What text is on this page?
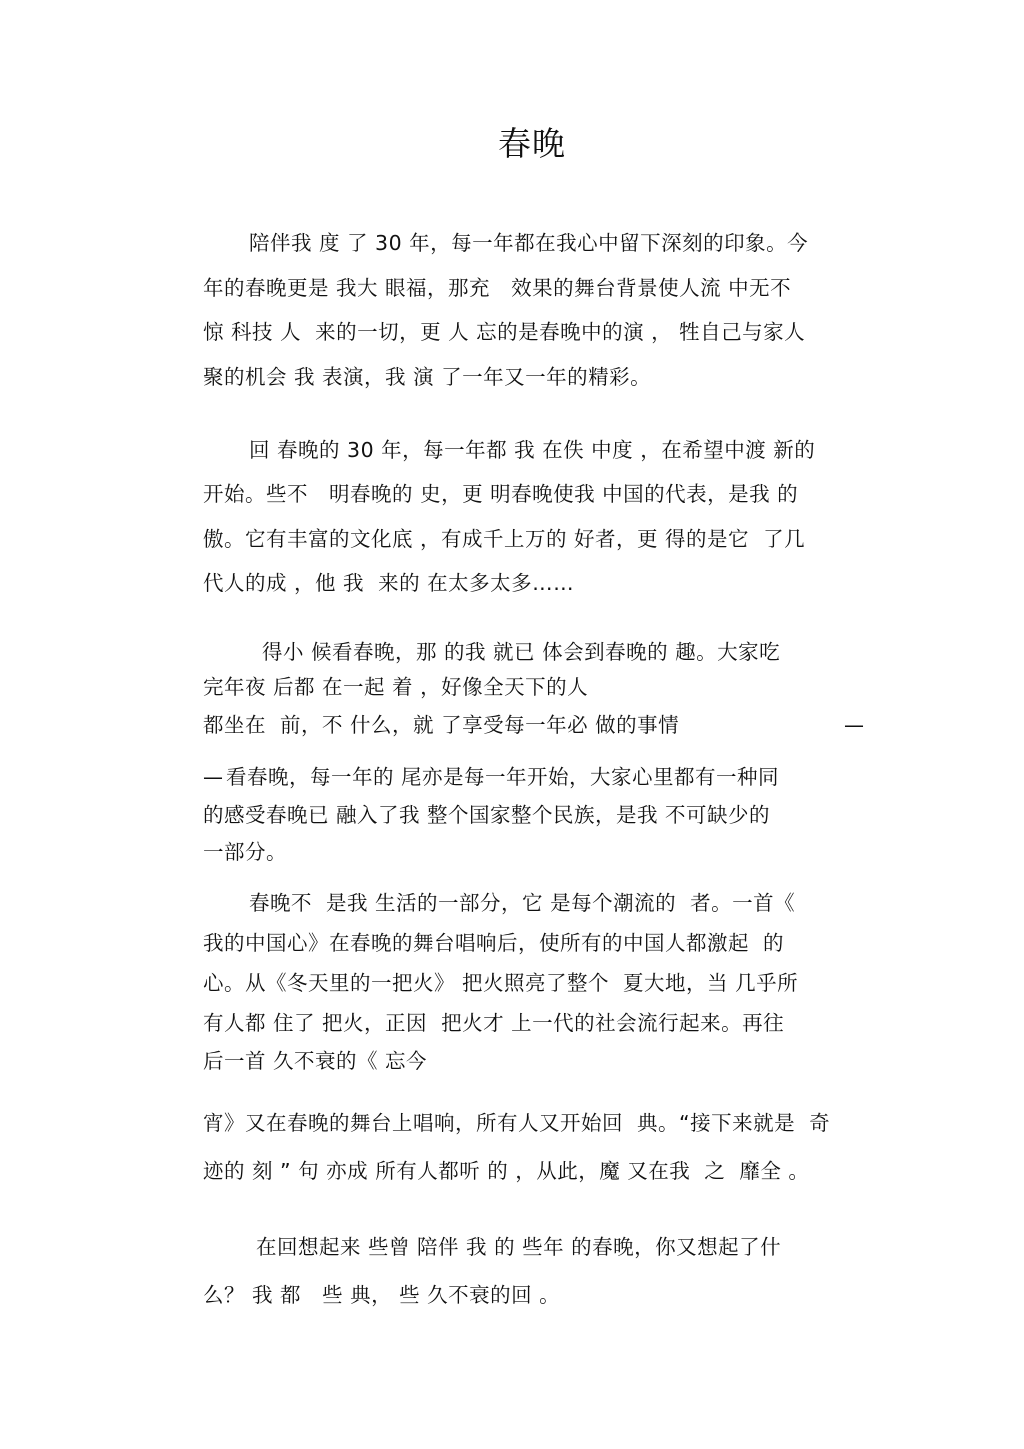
春晚
陪伴我 度 了 30 年，每一年都在我心中留下深刻的印象。今
年的春晚更是 我大 眼福，那充   效果的舞台背景使人流 中无不
惊 科技 人  来的一切，更 人 忘的是春晚中的演 ， 牲自己与家人
聚的机会 我 表演，我 演 了一年又一年的精彩。
回 春晚的 30 年，每一年都 我 在佚 中度 ，在希望中渡 新的
开始。些不   明春晚的 史，更 明春晚使我 中国的代表，是我 的
傲。它有丰富的文化底 ，有成千上万的 好者，更 得的是它  了几
代人的成 ，他 我  来的 在太多太多……
得小 候看春晚，那 的我 就已 体会到春晚的 趣。大家吃
完年夜 后都 在一起 着 ，好像全天下的人
都坐在  前，不 什么，就 了享受每一年必 做的事情	—
— 看春晚，每一年的 尾亦是每一年开始，大家心里都有一种同
的感受春晚已 融入了我 整个国家整个民族，是我 不可缺少的
一部分。
春晚不  是我 生活的一部分，它 是每个潮流的  者。一首《
我的中国心》在春晚的舞台唱响后，使所有的中国人都激起  的
心。从《冬天里的一把火》 把火照亮了整个  夏大地，当 几乎所
有人都 住了 把火，正因  把火才 上一代的社会流行起来。再往
后一首 久不衰的《 忘今
宵》又在春晚的舞台上唱响，所有人又开始回  典。“接下来就是  奇
迹的 刻 ” 句 亦成 所有人都听 的 ，从此，魔 又在我  之  靡全 。
在回想起来 些曾 陪伴 我 的 些年 的春晚，你又想起了什
么？ 我 都   些 典， 些 久不衰的回 。
